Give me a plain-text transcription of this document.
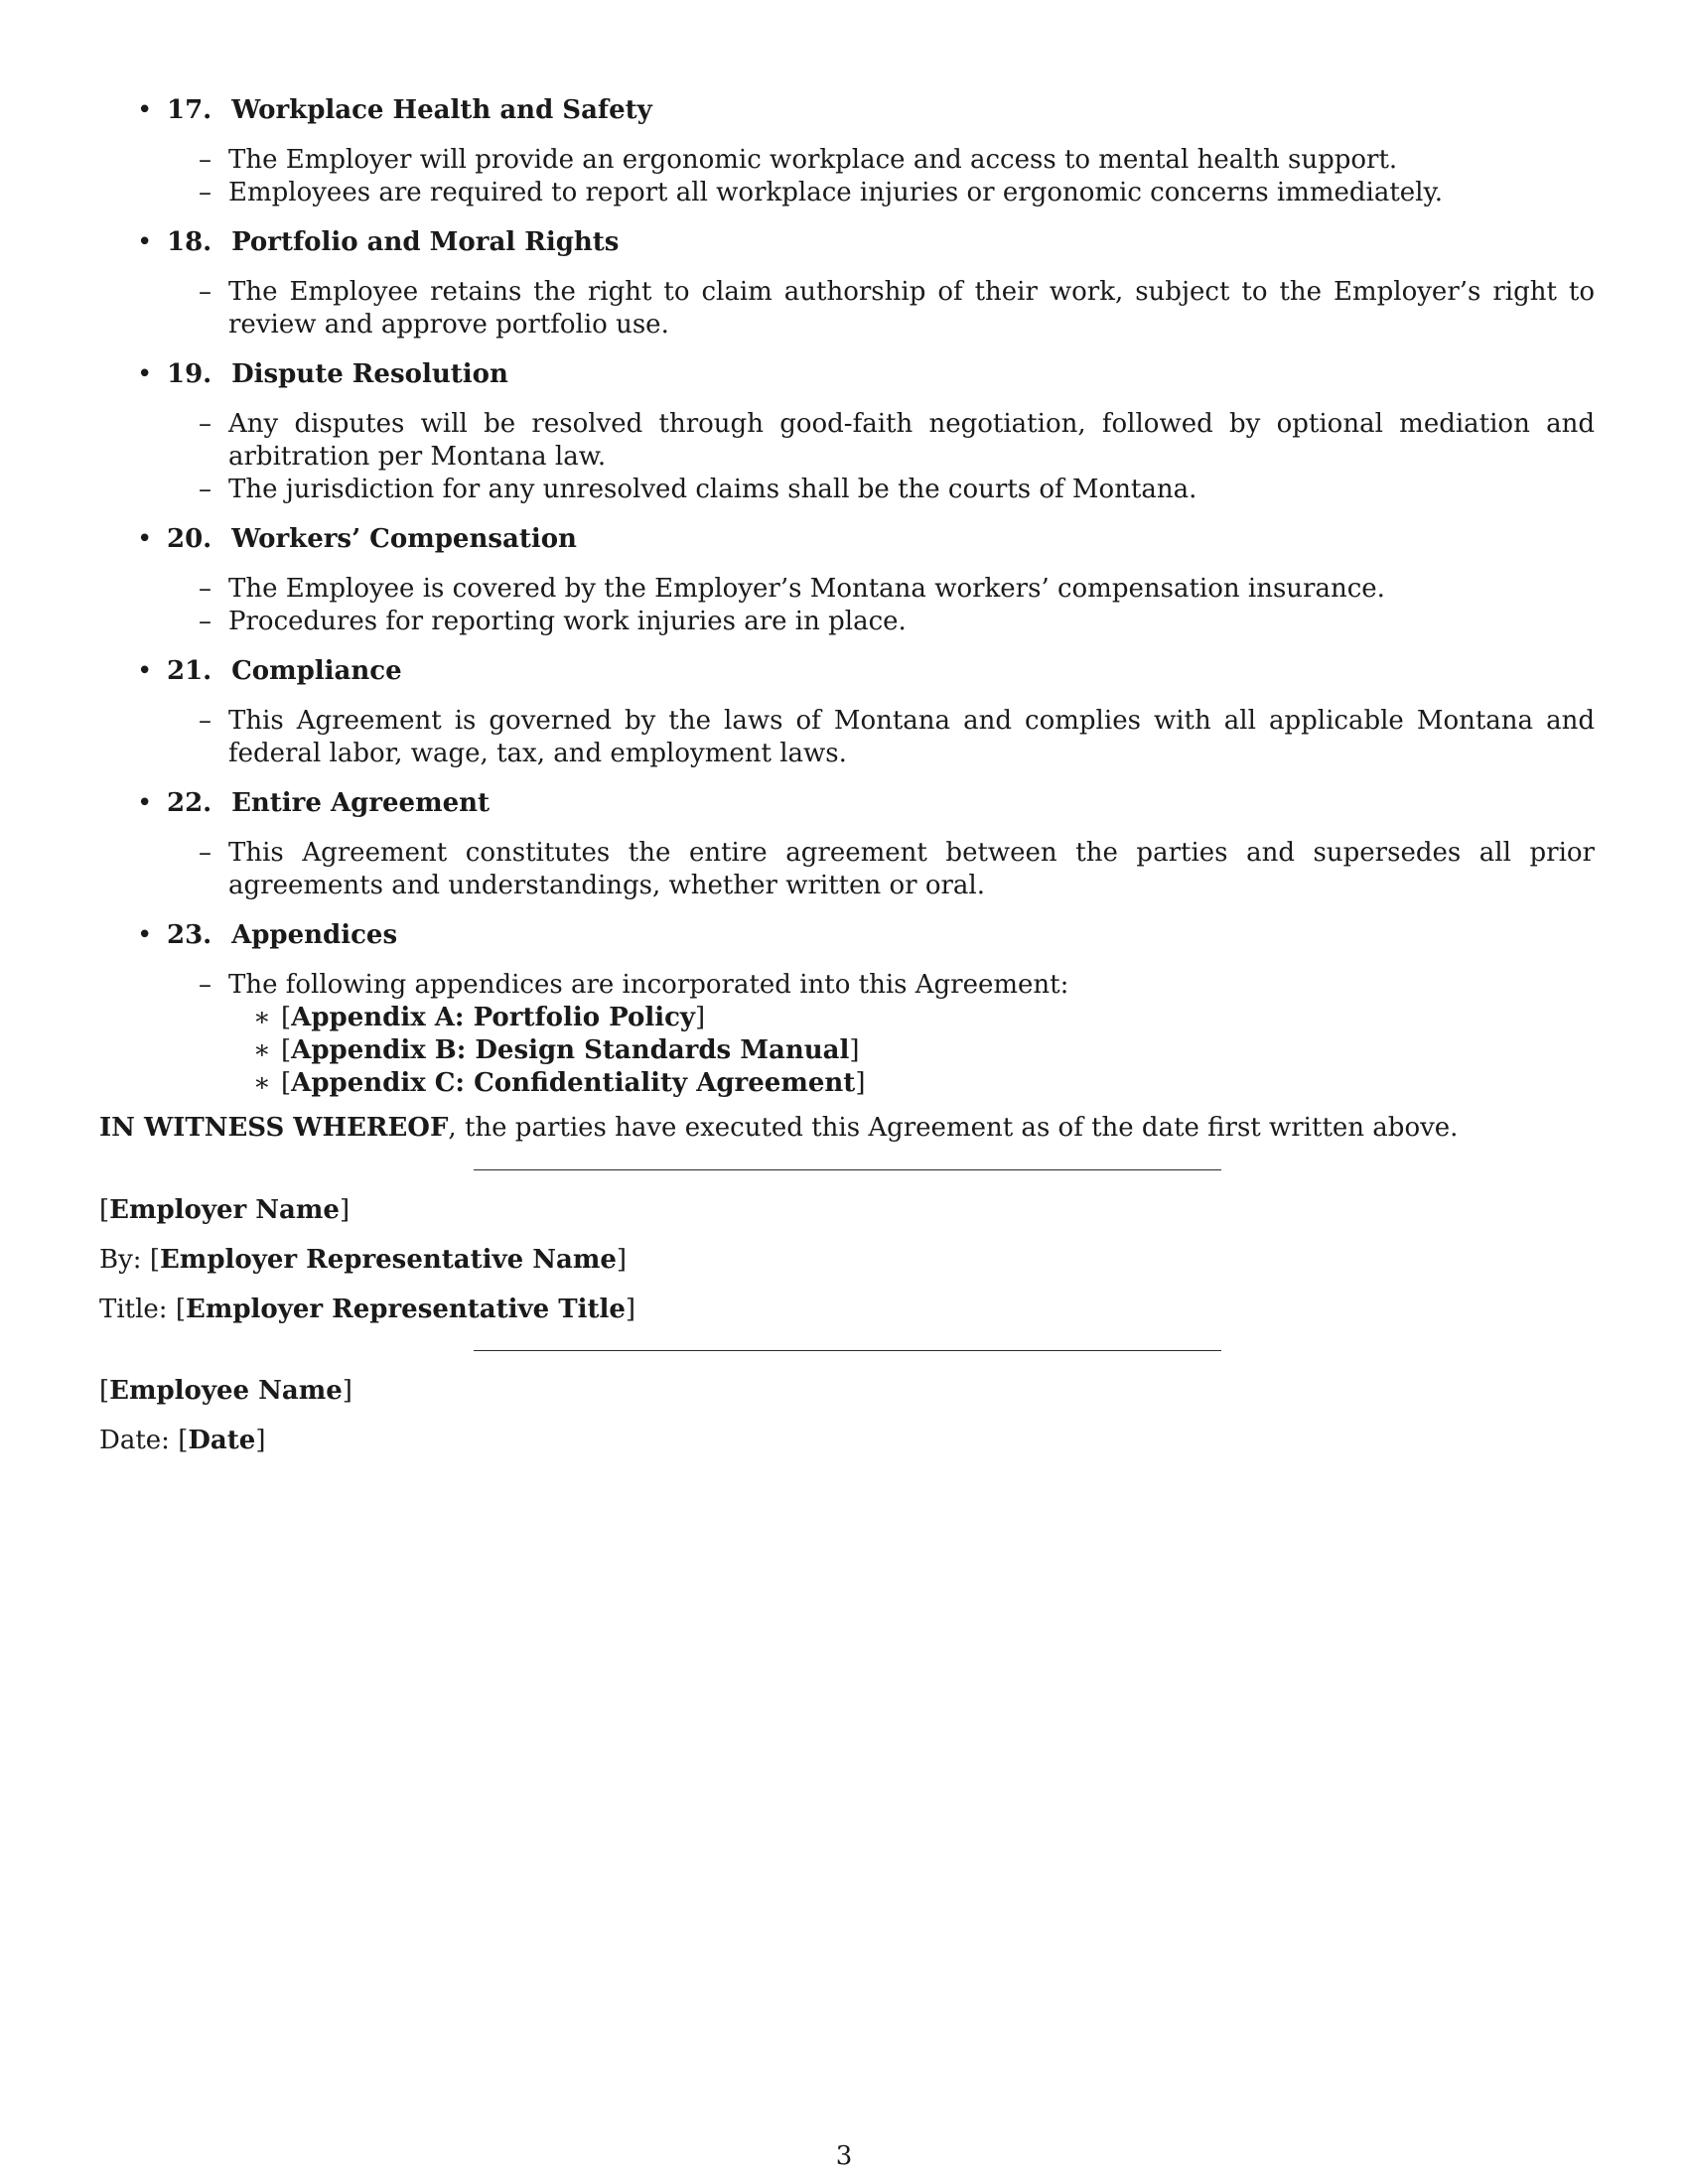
• 17. Workplace Health and Safety
– The Employer will provide an ergonomic workplace and access to mental health support.
– Employees are required to report all workplace injuries or ergonomic concerns immediately.
• 18. Portfolio and Moral Rights
– The Employee retains the right to claim authorship of their work, subject to the Employer’s right to review and approve portfolio use.
• 19. Dispute Resolution
– Any disputes will be resolved through good-faith negotiation, followed by optional mediation and arbitration per Montana law.
– The jurisdiction for any unresolved claims shall be the courts of Montana.
• 20. Workers’ Compensation
– The Employee is covered by the Employer’s Montana workers’ compensation insurance.
– Procedures for reporting work injuries are in place.
• 21. Compliance
– This Agreement is governed by the laws of Montana and complies with all applicable Montana and federal labor, wage, tax, and employment laws.
• 22. Entire Agreement
– This Agreement constitutes the entire agreement between the parties and supersedes all prior agreements and understandings, whether written or oral.
• 23. Appendices
– The following appendices are incorporated into this Agreement:
∗ [Appendix A: Portfolio Policy]
∗ [Appendix B: Design Standards Manual]
∗ [Appendix C: Confidentiality Agreement]
IN WITNESS WHEREOF, the parties have executed this Agreement as of the date first written above.
[Employer Name]
By: [Employer Representative Name]
Title: [Employer Representative Title]
[Employee Name]
Date: [Date]
3
